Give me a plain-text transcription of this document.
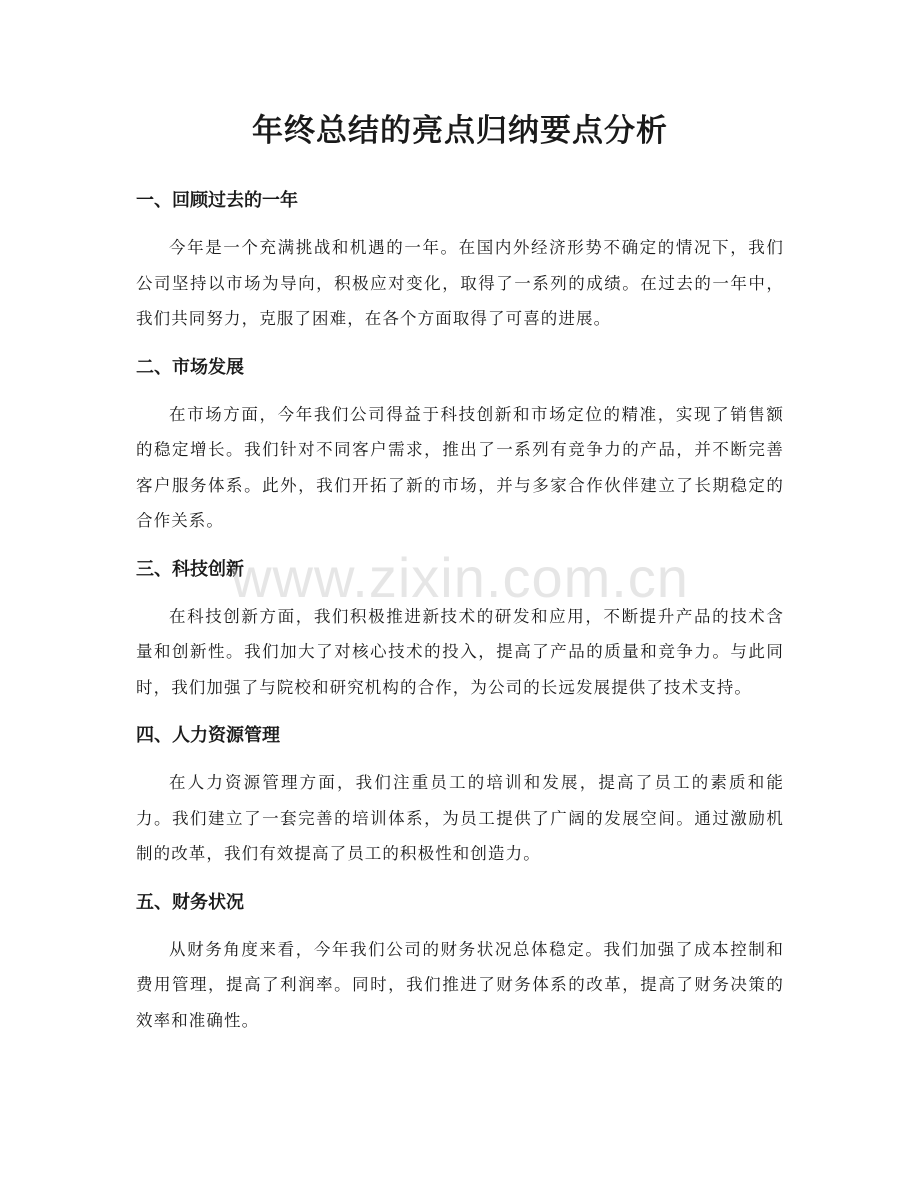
年终总结的亮点归纳要点分析
一、回顾过去的一年

今年是一个充满挑战和机遇的一年。在国内外经济形势不确定的情况下，我们公司坚持以市场为导向，积极应对变化，取得了一系列的成绩。在过去的一年中，我们共同努力，克服了困难，在各个方面取得了可喜的进展。

二、市场发展

在市场方面，今年我们公司得益于科技创新和市场定位的精准，实现了销售额的稳定增长。我们针对不同客户需求，推出了一系列有竞争力的产品，并不断完善客户服务体系。此外，我们开拓了新的市场，并与多家合作伙伴建立了长期稳定的合作关系。

三、科技创新

在科技创新方面，我们积极推进新技术的研发和应用，不断提升产品的技术含量和创新性。我们加大了对核心技术的投入，提高了产品的质量和竞争力。与此同时，我们加强了与院校和研究机构的合作，为公司的长远发展提供了技术支持。

四、人力资源管理

在人力资源管理方面，我们注重员工的培训和发展，提高了员工的素质和能力。我们建立了一套完善的培训体系，为员工提供了广阔的发展空间。通过激励机制的改革，我们有效提高了员工的积极性和创造力。

五、财务状况

从财务角度来看，今年我们公司的财务状况总体稳定。我们加强了成本控制和费用管理，提高了利润率。同时，我们推进了财务体系的改革，提高了财务决策的效率和准确性。

www.zixin.com.cn
